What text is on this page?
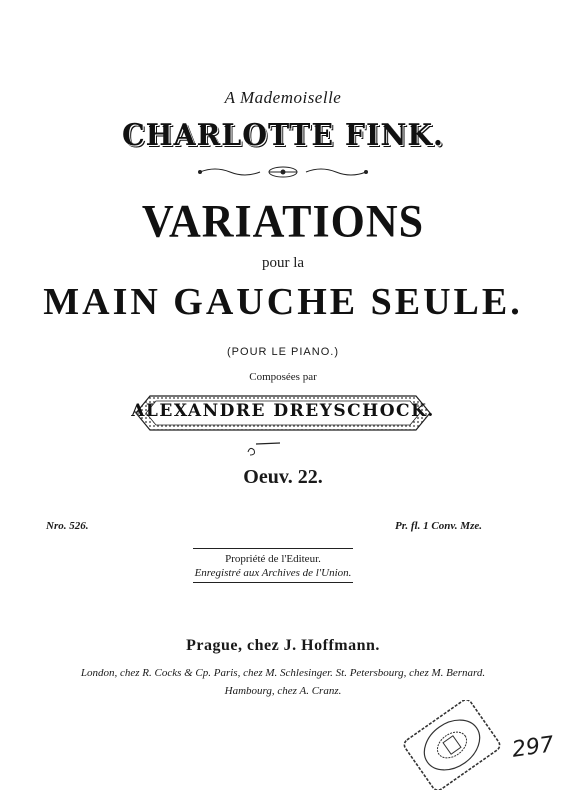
A Mademoiselle
CHARLOTTE FINK.
VARIATIONS
pour la
MAIN GAUCHE SEULE.
(POUR LE PIANO.)
Composées par
ALEXANDRE DREYSCHOCK.
Oeuv. 22.
Nro. 526.	Pr. fl. 1 Conv. Mze.
Propriété de l'Editeur.
Enregistré aux Archives de l'Union.
Prague, chez J. Hoffmann.
London, chez R. Cocks & Cp. Paris, chez M. Schlesinger. St. Petersbourg, chez M. Bernard.
Hambourg, chez A. Cranz.
297
